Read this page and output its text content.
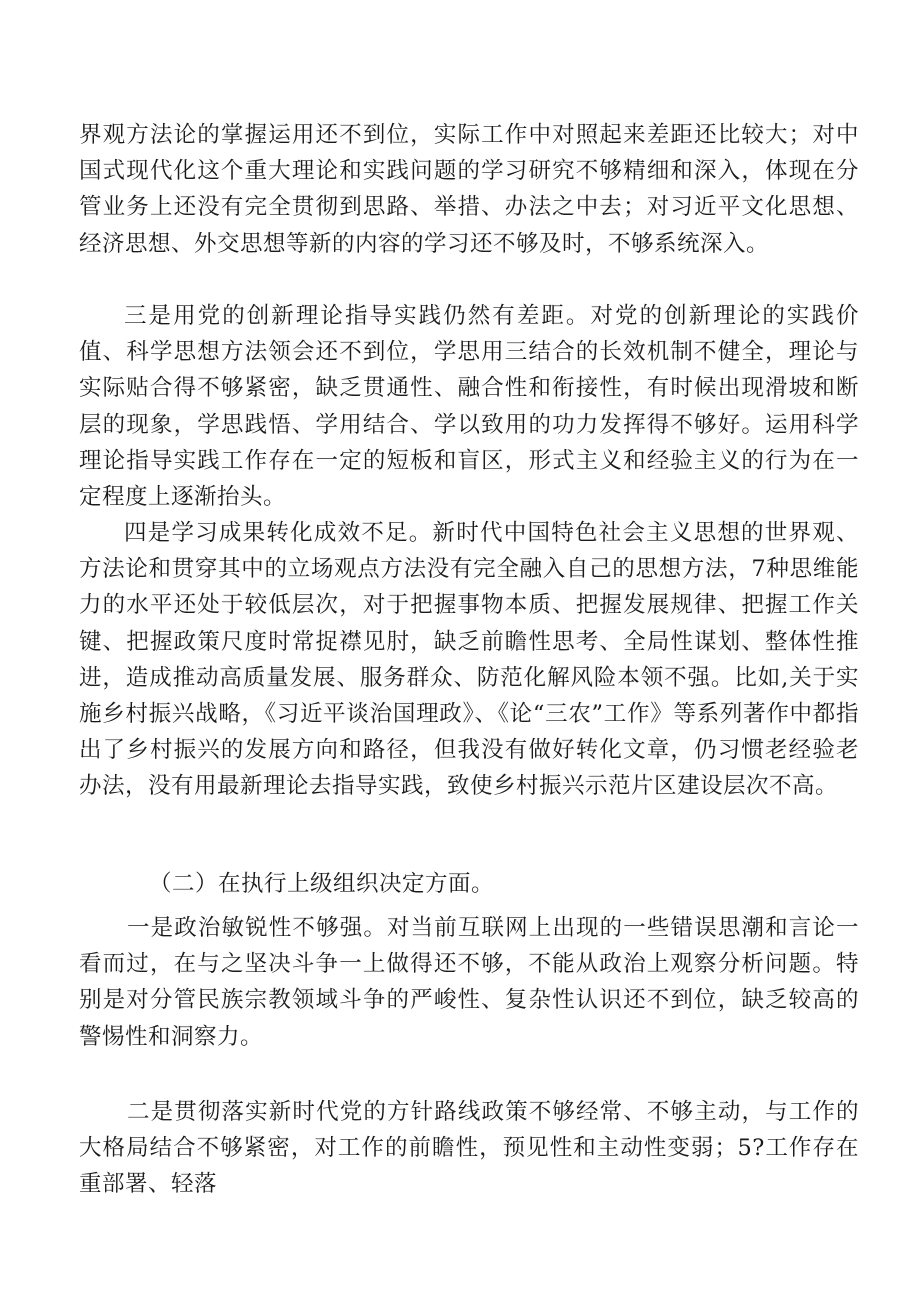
界观方法论的掌握运用还不到位，实际工作中对照起来差距还比较大；对中国式现代化这个重大理论和实践问题的学习研究不够精细和深入，体现在分管业务上还没有完全贯彻到思路、举措、办法之中去；对习近平文化思想、经济思想、外交思想等新的内容的学习还不够及时，不够系统深入。

三是用党的创新理论指导实践仍然有差距。对党的创新理论的实践价值、科学思想方法领会还不到位，学思用三结合的长效机制不健全，理论与实际贴合得不够紧密，缺乏贯通性、融合性和衔接性，有时候出现滑坡和断层的现象，学思践悟、学用结合、学以致用的功力发挥得不够好。运用科学理论指导实践工作存在一定的短板和盲区，形式主义和经验主义的行为在一定程度上逐渐抬头。

四是学习成果转化成效不足。新时代中国特色社会主义思想的世界观、方法论和贯穿其中的立场观点方法没有完全融入自己的思想方法，7种思维能力的水平还处于较低层次，对于把握事物本质、把握发展规律、把握工作关键、把握政策尺度时常捉襟见肘，缺乏前瞻性思考、全局性谋划、整体性推进，造成推动高质量发展、服务群众、防范化解风险本领不强。比如,关于实施乡村振兴战略，《习近平谈治国理政》、《论“三农”工作》等系列著作中都指出了乡村振兴的发展方向和路径，但我没有做好转化文章，仍习惯老经验老办法，没有用最新理论去指导实践，致使乡村振兴示范片区建设层次不高。

（二）在执行上级组织决定方面。

一是政治敏锐性不够强。对当前互联网上出现的一些错误思潮和言论一看而过，在与之坚决斗争一上做得还不够，不能从政治上观察分析问题。特别是对分管民族宗教领域斗争的严峻性、复杂性认识还不到位，缺乏较高的警惕性和洞察力。

二是贯彻落实新时代党的方针路线政策不够经常、不够主动，与工作的大格局结合不够紧密，对工作的前瞻性，预见性和主动性变弱；5?工作存在重部署、轻落
